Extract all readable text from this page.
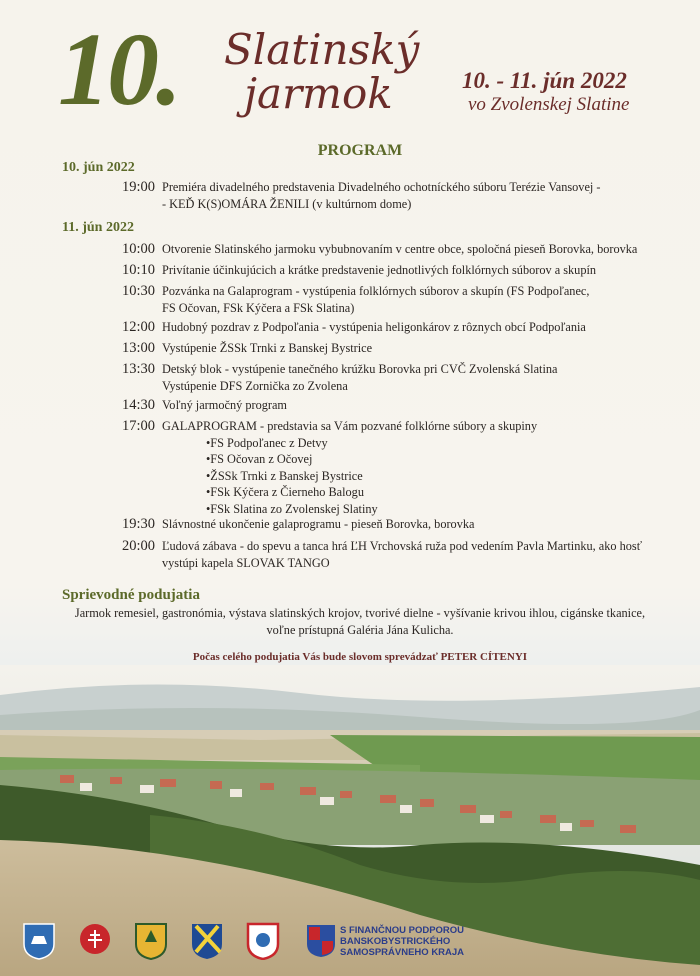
10. Slatinský
jarmok	10. - 11. jún 2022
vo Zvolenskej Slatine
PROGRAM
10. jún 2022
19:00 Premiéra divadelného predstavenia Divadelného ochotníckého súboru Terézie Vansovej -
- KEĎ K(S)OMÁRA ŽENILI (v kultúrnom dome)
11. jún 2022
10:00 Otvorenie Slatinského jarmoku vybubnovaním v centre obce, spoločná pieseň Borovka, borovka
10:10 Privítanie účinkujúcich a krátke predstavenie jednotlivých folklórnych súborov a skupín
10:30 Pozvánka na Galaprogram - vystúpenia folklórnych súborov a skupín (FS Podpoľanec,
FS Očovan, FSk Kýčera a FSk Slatina)
12:00 Hudobný pozdrav z Podpoľania - vystúpenia heligonkárov z rôznych obcí Podpoľania
13:00 Vystúpenie ŽSSk Trnki z Banskej Bystrice
13:30 Detský blok - vystúpenie tanečného krúžku Borovka pri CVČ Zvolenská Slatina
Vystúpenie DFS Zornička zo Zvolena
14:30 Voľný jarmočný program
17:00 GALAPROGRAM - predstavia sa Vám pozvané folklórne súbory a skupiny

•FS Podpoľanec z Detvy
•FS Očovan z Očovej
•ŽSSk Trnki z Banskej Bystrice
•FSk Kýčera z Čierneho Balogu
•FSk Slatina zo Zvolenskej Slatiny
19:30 Slávnostné ukončenie galaprogramu - pieseň Borovka, borovka
20:00 Ľudová zábava - do spevu a tanca hrá ĽH Vrchovská ruža pod vedením Pavla Martinku, ako hosť
vystúpi kapela SLOVAK TANGO
Sprievodné podujatia
Jarmok remesiel, gastronómia, výstava slatinských krojov, tvorivé dielne - vyšívanie krivou ihlou, cigánske tkanice,
voľne prístupná Galéria Jána Kulicha.
Počas celého podujatia Vás bude slovom sprevádzať PETER CÍTENYI
S FINANČNOU PODPOROU
BANSKOBYSTRICKÉHO
SAMOSPRÁVNEHO KRAJA
